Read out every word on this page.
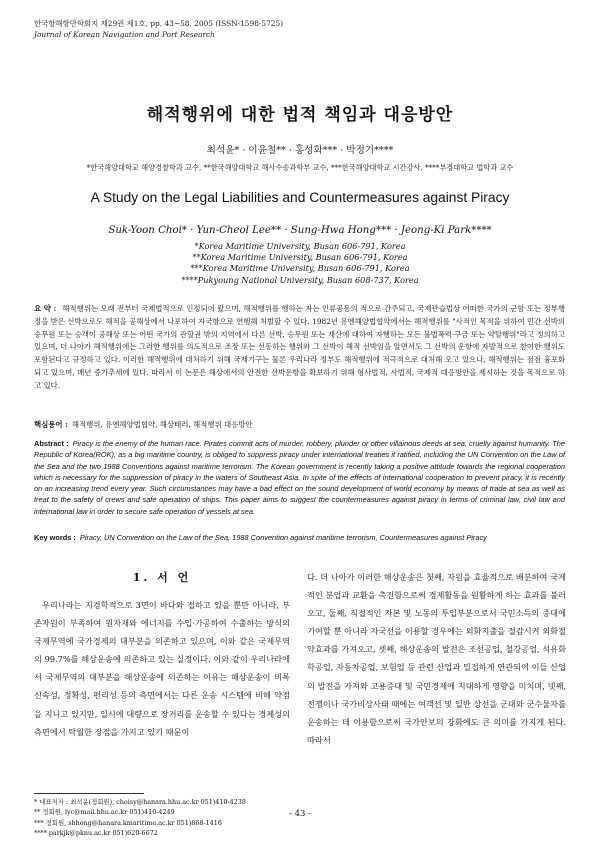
한국항해항만학회지 제29권 제1호, pp. 43~58, 2005 (ISSN-1598-5725)
Journal of Korean Navigation and Port Research
해적행위에 대한 법적 책임과 대응방안
최석윤* · 이윤철** · 홍성화*** · 박정기****
*한국해양대학교 해양경찰학과 교수, **한국해양대학교 해사수송과학부 교수, ***한국해양대학교 시간강사, ****부경대학교 법학과 교수
A Study on the Legal Liabilities and Countermeasures against Piracy
Suk-Yoon Choi* · Yun-Cheol Lee** · Sung-Hwa Hong*** · Jeong-Ki Park****
*Korea Maritime University, Busan 606-791, Korea
**Korea Maritime University, Busan 606-791, Korea
***Korea Maritime University, Busan 606-791, Korea
****Pukyoung National University, Busan 608-737, Korea
요 약 : 해적행위는 오래 전부터 국제법적으로 인정되어 왔으며, 해적행위를 행하는 자는 인류공동의 적으로 간주되고, 국제관습법상 어떠한 국가의 군함 또는 정부행정을 받은 선박으로도 해적을 공해상에서 나포하여 자국항으로 연행해 처벌할 수 있다. 1982년 유엔해양법협약에서는 해적행위를 "사적인 목적을 위하여 민간 선박의 승무원 또는 승객이 공해상 또는 어떤 국가의 관할권 밖의 지역에서 다른 선박, 승무원 또는 재산에 대하여 자행하는 모든 불법폭력·구금 또는 약탈행위"라고 정의하고 있으며, 더 나아가 해적행위에는 그러한 행위를 의도적으로 조장 또는 선동하는 행위와 그 선박이 해적 선박임을 알면서도 그 선박의 운항에 자발적으로 참여한 행위도 포함된다고 규정하고 있다. 이러한 해적행위에 대처하기 위해 국제기구는 물론 우리나라 정부도 해적행위에 적극적으로 대처해 오고 있으나, 해적행위는 점점 흉포화 되고 있으며, 매년 증가추세에 있다. 따라서 이 논문은 해상에서의 안전한 선박운항을 확보하기 위해 형사법적, 사법적, 국제적 대응방안을 제시하는 것을 목적으로 하고 있다.
핵심용어 : 해적행위, 유엔해양법협약, 해상테러, 해적행위 대응방안
Abstract : Piracy is the enemy of the human race. Pirates commit acts of murder, robbery, plunder or other villainous deeds at sea, cruelly against humanity. The Republic of Korea(ROK), as a big maritime country, is obliged to suppress piracy under international treaties it ratified, including the UN Convention on the Law of the Sea and the two 1988 Conventions against maritime terrorism. The Korean government is recently taking a positive attitude towards the regional cooperation which is necessary for the suppression of piracy in the waters of Southeast Asia. In spite of the effects of international cooperation to prevent piracy, it is recently on an increasing trend every year. Such circumstances may have a bad effect on the sound development of world economy by means of trade at sea as well as treat to the safety of crews and safe operation of ships. This paper aims to suggest the countermeasures against piracy in terms of criminal law, civil law and international law in order to secure safe operation of vessels at sea.
Key words : Piracy, UN Convention on the Law of the Sea, 1988 Convention against maritime terrorism, Countermeasures against Piracy
1. 서 언
우리나라는 지경학적으로 3면이 바다와 접하고 있을 뿐만 아니라, 부존자원이 부족하여 원자재와 에너지를 수입·가공하여 수출하는 방식의 국제무역에 국가경제의 대부분을 의존하고 있으며, 이와 같은 국제무역의 99.7%를 해상운송에 의존하고 있는 실정이다. 이와 같이 우리나라에서 국제무역의 대부분을 해상운송에 의존하는 이유는 해상운송이 비록 신속성, 정확성, 편리성 등의 측면에서는 다른 운송 시스템에 비해 약점을 지니고 있지만, 일시에 대량으로 장거리를 운송할 수 있다는 경제성의 측면에서 탁월한 장점을 가지고 있기 때문이
다. 더 나아가 이러한 해상운송은 첫째, 자원을 효율적으로 배분하여 국제적인 분업과 교환을 촉진함으로써 경제활동을 원활하게 하는 효과를 불러오고, 둘째, 직접적인 자본 및 노동의 투입부분으로서 국민소득의 증대에 기여할 뿐 아니라 자국선을 이용할 경우에는 외화지출을 절감시켜 외화절약효과를 가져오고, 셋째, 해상운송의 발전은 조선공업, 철강공업, 석유화학공업, 자동차공업, 보험업 등 관련 산업과 밀접하게 연관되어 이들 산업의 발전을 가져와 고용증대 및 국민경제에 지대하게 영향을 미치며, 넷째, 전쟁이나 국가비상사태 때에는 여객선 및 일반 상선을 군대와 군수물자를 운송하는 데 이용함으로써 국가안보의 강화에도 큰 의미를 가지게 된다. 따라서
* 대표저자 : 최석윤(정회원), choisy@hanara.hhu.ac.kr 051)410-4238
** 정회원, lyc@mail.hhu.ac.kr 051)410-4249
*** 정회원, shhong@hanara.kmaritime.ac.kr 051)868-1416
**** parkjk@pknu.ac.kr 051)620-6672
- 43 -
